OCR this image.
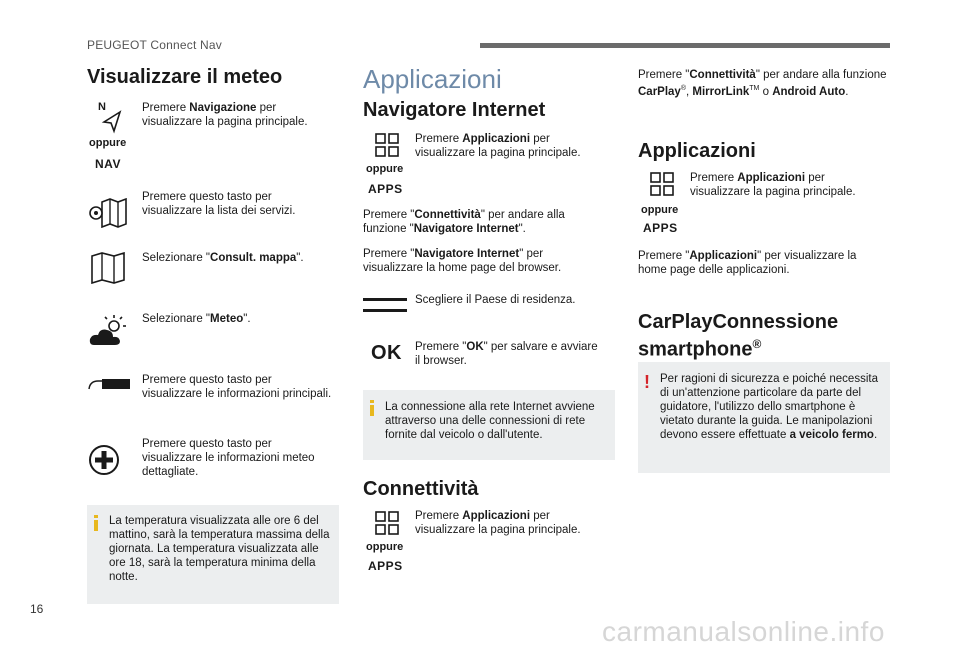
PEUGEOT Connect Nav
Visualizzare il meteo
N
oppure
NAV
Premere Navigazione per visualizzare la pagina principale.
Premere questo tasto per visualizzare la lista dei servizi.
Selezionare "Consult. mappa".
Selezionare "Meteo".
Premere questo tasto per visualizzare le informazioni principali.
Premere questo tasto per visualizzare le informazioni meteo dettagliate.
La temperatura visualizzata alle ore 6 del mattino, sarà la temperatura massima della giornata. La temperatura visualizzata alle ore 18, sarà la temperatura minima della notte.
Applicazioni
Navigatore Internet
oppure
APPS
Premere Applicazioni per visualizzare la pagina principale.
Premere "Connettività" per andare alla funzione "Navigatore Internet".
Premere "Navigatore Internet" per visualizzare la home page del browser.
Scegliere il Paese di residenza.
OK Premere "OK" per salvare e avviare il browser.
La connessione alla rete Internet avviene attraverso una delle connessioni di rete fornite dal veicolo o dall'utente.
Connettività
oppure
APPS
Premere Applicazioni per visualizzare la pagina principale.
Premere "Connettività" per andare alla funzione CarPlay®, MirrorLink™ o Android Auto.
Applicazioni
oppure
APPS
Premere Applicazioni per visualizzare la pagina principale.
Premere "Applicazioni" per visualizzare la home page delle applicazioni.
CarPlayConnessione
smartphone®
! Per ragioni di sicurezza e poiché necessita di un'attenzione particolare da parte del guidatore, l'utilizzo dello smartphone è vietato durante la guida. Le manipolazioni devono essere effettuate a veicolo fermo.
16
carmanualsonline.info
